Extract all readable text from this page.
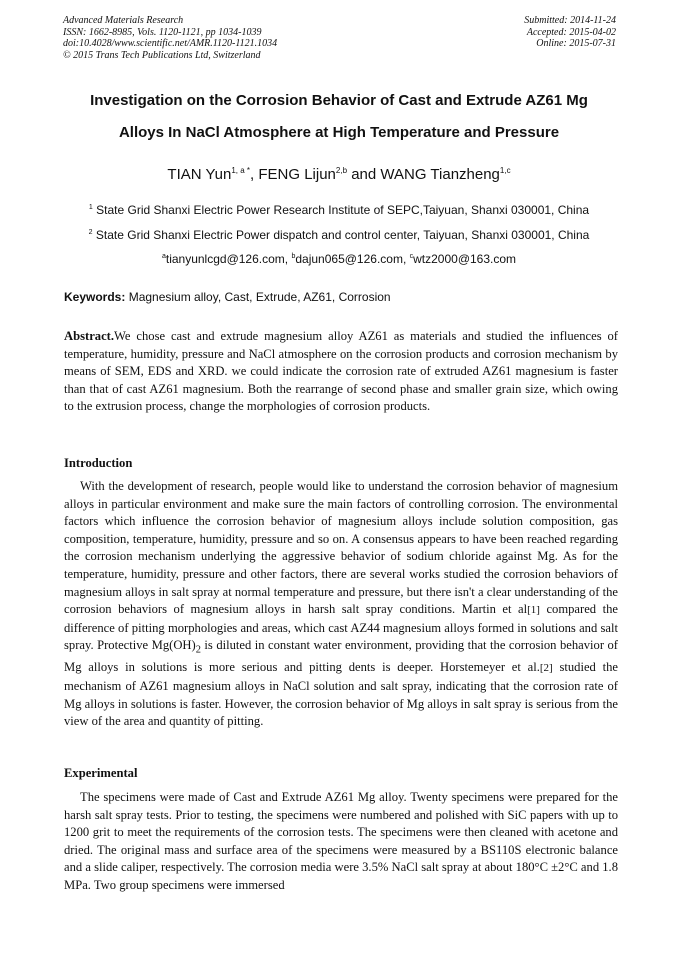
Advanced Materials Research
ISSN: 1662-8985, Vols. 1120-1121, pp 1034-1039
doi:10.4028/www.scientific.net/AMR.1120-1121.1034
© 2015 Trans Tech Publications Ltd, Switzerland
Submitted: 2014-11-24
Accepted: 2015-04-02
Online: 2015-07-31
Investigation on the Corrosion Behavior of Cast and Extrude AZ61 Mg
Alloys In NaCl Atmosphere at High Temperature and Pressure
TIAN Yun$^{1, a *}$, FENG Lijun$^{2,b}$ and WANG Tianzheng$^{1,c}$
$^1$ State Grid Shanxi Electric Power Research Institute of SEPC,Taiyuan, Shanxi 030001, China
$^2$ State Grid Shanxi Electric Power dispatch and control center, Taiyuan, Shanxi 030001, China
$^a$tianyunlcgd@126.com, $^b$dajun065@126.com, $^c$wtz2000@163.com
Keywords: Magnesium alloy, Cast, Extrude, AZ61, Corrosion
Abstract.We chose cast and extrude magnesium alloy AZ61 as materials and studied the influences of temperature, humidity, pressure and NaCl atmosphere on the corrosion products and corrosion mechanism by means of SEM, EDS and XRD. we could indicate the corrosion rate of extruded AZ61 magnesium is faster than that of cast AZ61 magnesium. Both the rearrange of second phase and smaller grain size, which owing to the extrusion process, change the morphologies of corrosion products.
Introduction
With the development of research, people would like to understand the corrosion behavior of magnesium alloys in particular environment and make sure the main factors of controlling corrosion. The environmental factors which influence the corrosion behavior of magnesium alloys include solution composition, gas composition, temperature, humidity, pressure and so on. A consensus appears to have been reached regarding the corrosion mechanism underlying the aggressive behavior of sodium chloride against Mg. As for the temperature, humidity, pressure and other factors, there are several works studied the corrosion behaviors of magnesium alloys in salt spray at normal temperature and pressure, but there isn't a clear understanding of the corrosion behaviors of magnesium alloys in harsh salt spray conditions. Martin et al[1] compared the difference of pitting morphologies and areas, which cast AZ44 magnesium alloys formed in solutions and salt spray. Protective $Mg(OH)_2$ is diluted in constant water environment, providing that the corrosion behavior of Mg alloys in solutions is more serious and pitting dents is deeper. Horstemeyer et al.[2] studied the mechanism of AZ61 magnesium alloys in NaCl solution and salt spray, indicating that the corrosion rate of Mg alloys in solutions is faster. However, the corrosion behavior of Mg alloys in salt spray is serious from the view of the area and quantity of pitting.
Experimental
The specimens were made of Cast and Extrude AZ61 Mg alloy. Twenty specimens were prepared for the harsh salt spray tests. Prior to testing, the specimens were numbered and polished with SiC papers with up to 1200 grit to meet the requirements of the corrosion tests. The specimens were then cleaned with acetone and dried. The original mass and surface area of the specimens were measured by a BS110S electronic balance and a slide caliper, respectively. The corrosion media were 3.5% NaCl salt spray at about 180°C ±2°C and 1.8 MPa. Two group specimens were immersed
